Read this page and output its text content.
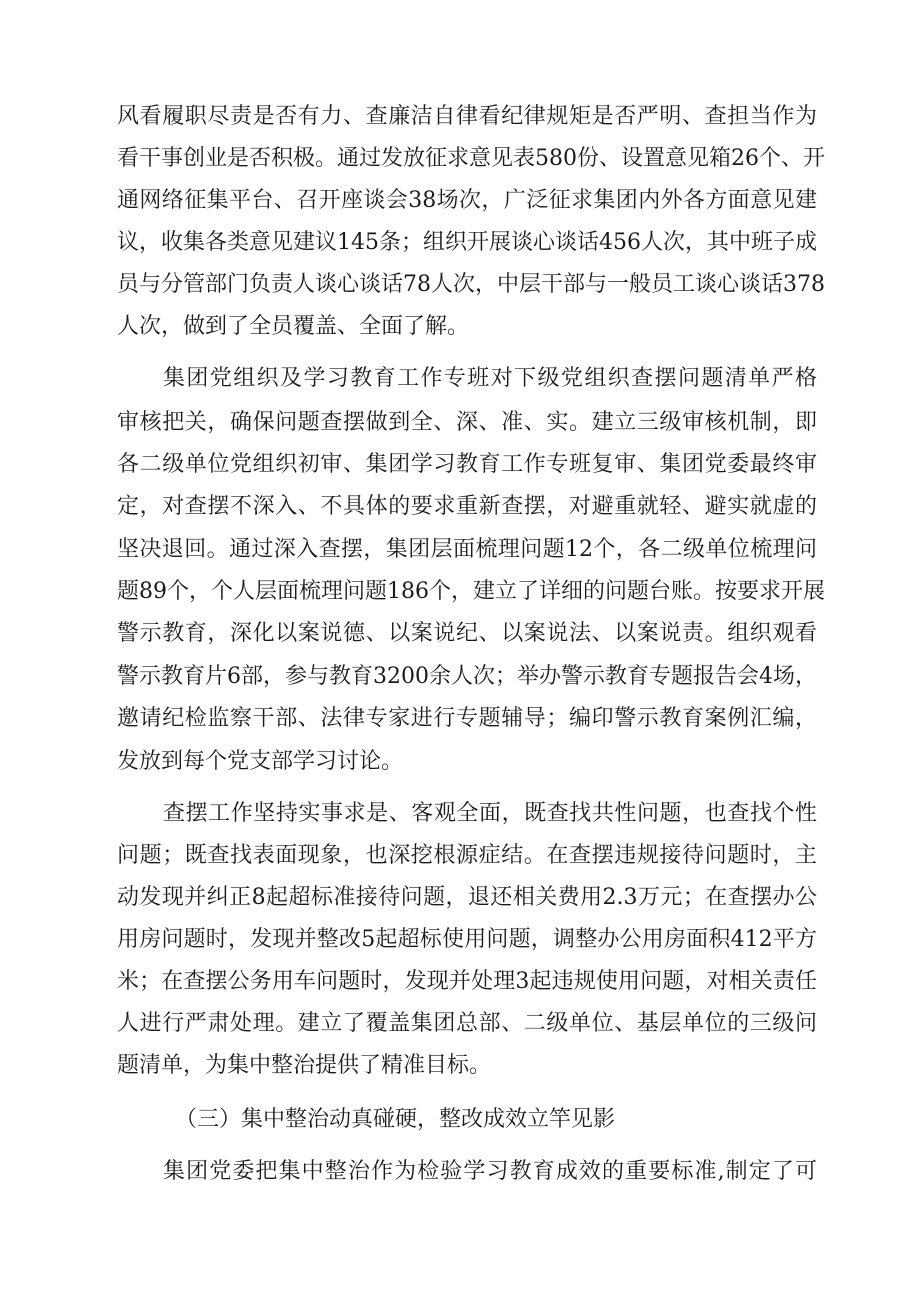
风看履职尽责是否有力、查廉洁自律看纪律规矩是否严明、查担当作为
看干事创业是否积极。通过发放征求意见表580份、设置意见箱26个、开
通网络征集平台、召开座谈会38场次，广泛征求集团内外各方面意见建
议，收集各类意见建议145条；组织开展谈心谈话456人次，其中班子成
员与分管部门负责人谈心谈话78人次，中层干部与一般员工谈心谈话378
人次，做到了全员覆盖、全面了解。
集团党组织及学习教育工作专班对下级党组织查摆问题清单严格
审核把关，确保问题查摆做到全、深、准、实。建立三级审核机制，即
各二级单位党组织初审、集团学习教育工作专班复审、集团党委最终审
定，对查摆不深入、不具体的要求重新查摆，对避重就轻、避实就虚的
坚决退回。通过深入查摆，集团层面梳理问题12个，各二级单位梳理问
题89个，个人层面梳理问题186个，建立了详细的问题台账。按要求开展
警示教育，深化以案说德、以案说纪、以案说法、以案说责。组织观看
警示教育片6部，参与教育3200余人次；举办警示教育专题报告会4场，
邀请纪检监察干部、法律专家进行专题辅导；编印警示教育案例汇编，
发放到每个党支部学习讨论。
查摆工作坚持实事求是、客观全面，既查找共性问题，也查找个性
问题；既查找表面现象，也深挖根源症结。在查摆违规接待问题时，主
动发现并纠正8起超标准接待问题，退还相关费用2.3万元；在查摆办公
用房问题时，发现并整改5起超标使用问题，调整办公用房面积412平方
米；在查摆公务用车问题时，发现并处理3起违规使用问题，对相关责任
人进行严肃处理。建立了覆盖集团总部、二级单位、基层单位的三级问
题清单，为集中整治提供了精准目标。
（三）集中整治动真碰硬，整改成效立竿见影
集团党委把集中整治作为检验学习教育成效的重要标准,制定了可
